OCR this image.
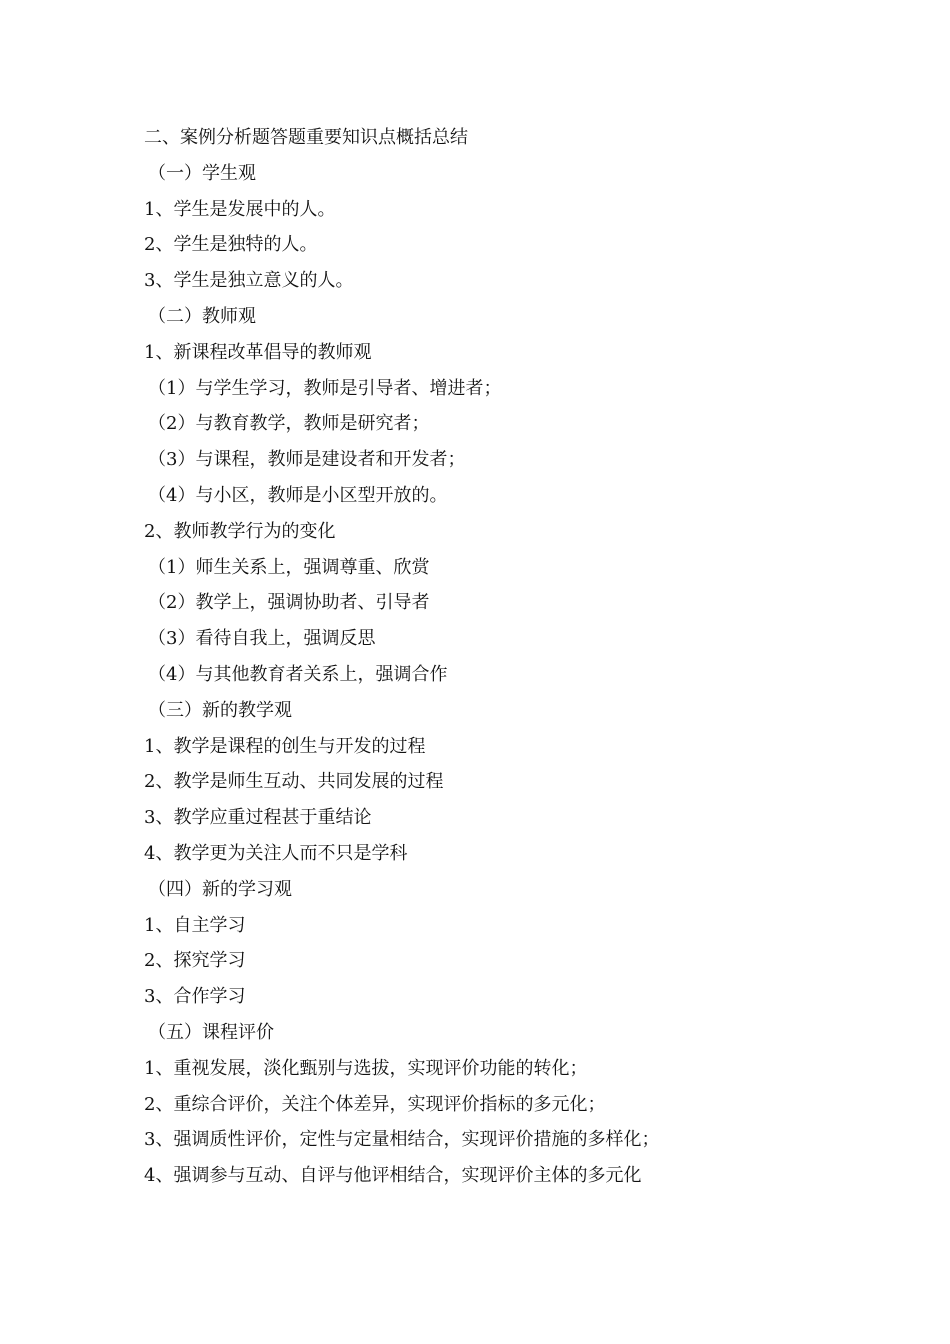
二、案例分析题答题重要知识点概括总结
（一）学生观
1、学生是发展中的人。
2、学生是独特的人。
3、学生是独立意义的人。
（二）教师观
1、新课程改革倡导的教师观
（1）与学生学习，教师是引导者、增进者；
（2）与教育教学，教师是研究者；
（3）与课程，教师是建设者和开发者；
（4）与小区，教师是小区型开放的。
2、教师教学行为的变化
（1）师生关系上，强调尊重、欣赏
（2）教学上，强调协助者、引导者
（3）看待自我上，强调反思
（4）与其他教育者关系上，强调合作
（三）新的教学观
1、教学是课程的创生与开发的过程
2、教学是师生互动、共同发展的过程
3、教学应重过程甚于重结论
4、教学更为关注人而不只是学科
（四）新的学习观
1、自主学习
2、探究学习
3、合作学习
（五）课程评价
1、重视发展，淡化甄别与选拔，实现评价功能的转化；
2、重综合评价，关注个体差异，实现评价指标的多元化；
3、强调质性评价，定性与定量相结合，实现评价措施的多样化；
4、强调参与互动、自评与他评相结合，实现评价主体的多元化
